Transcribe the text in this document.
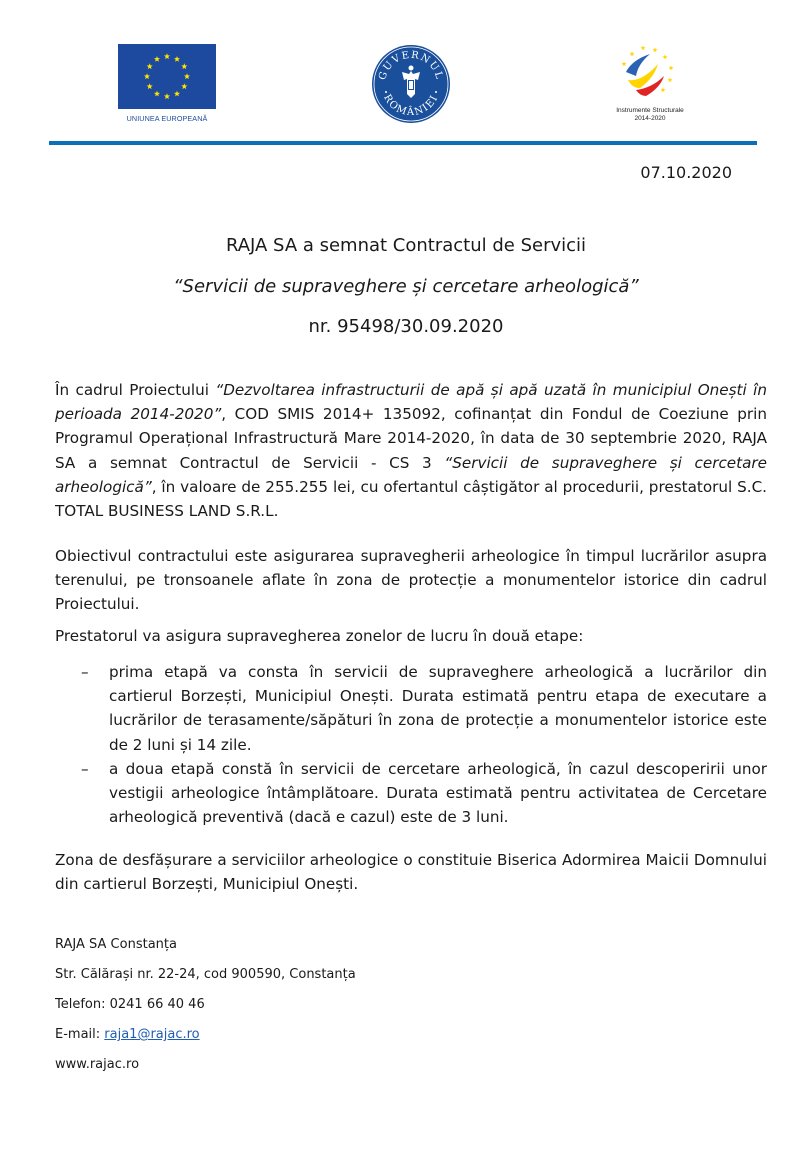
UNIUNEA EUROPEANĂ
GUVERNUL
ROMÂNIEI
Instrumente Structurale
2014-2020
07.10.2020
RAJA SA a semnat Contractul de Servicii
“Servicii de supraveghere și cercetare arheologică”
nr. 95498/30.09.2020

În cadrul Proiectului “Dezvoltarea infrastructurii de apă și apă uzată în municipiul Onești în perioada 2014-2020”, COD SMIS 2014+ 135092, cofinanțat din Fondul de Coeziune prin Programul Operațional Infrastructură Mare 2014-2020, în data de 30 septembrie 2020, RAJA SA a semnat Contractul de Servicii - CS 3 “Servicii de supraveghere și cercetare arheologică”, în valoare de 255.255 lei, cu ofertantul câștigător al procedurii, prestatorul S.C. TOTAL BUSINESS LAND S.R.L.

Obiectivul contractului este asigurarea supravegherii arheologice în timpul lucrărilor asupra terenului, pe tronsoanele aflate în zona de protecție a monumentelor istorice din cadrul Proiectului.

Prestatorul va asigura supravegherea zonelor de lucru în două etape:

– prima etapă va consta în servicii de supraveghere arheologică a lucrărilor din cartierul Borzești, Municipiul Onești. Durata estimată pentru etapa de executare a lucrărilor de terasamente/săpături în zona de protecție a monumentelor istorice este de 2 luni și 14 zile.
– a doua etapă constă în servicii de cercetare arheologică, în cazul descoperirii unor vestigii arheologice întâmplătoare. Durata estimată pentru activitatea de Cercetare arheologică preventivă (dacă e cazul) este de 3 luni.

Zona de desfășurare a serviciilor arheologice o constituie Biserica Adormirea Maicii Domnului din cartierul Borzești, Municipiul Onești.

RAJA SA Constanța
Str. Călărași nr. 22-24, cod 900590, Constanța
Telefon: 0241 66 40 46
E-mail: raja1@rajac.ro
www.rajac.ro
